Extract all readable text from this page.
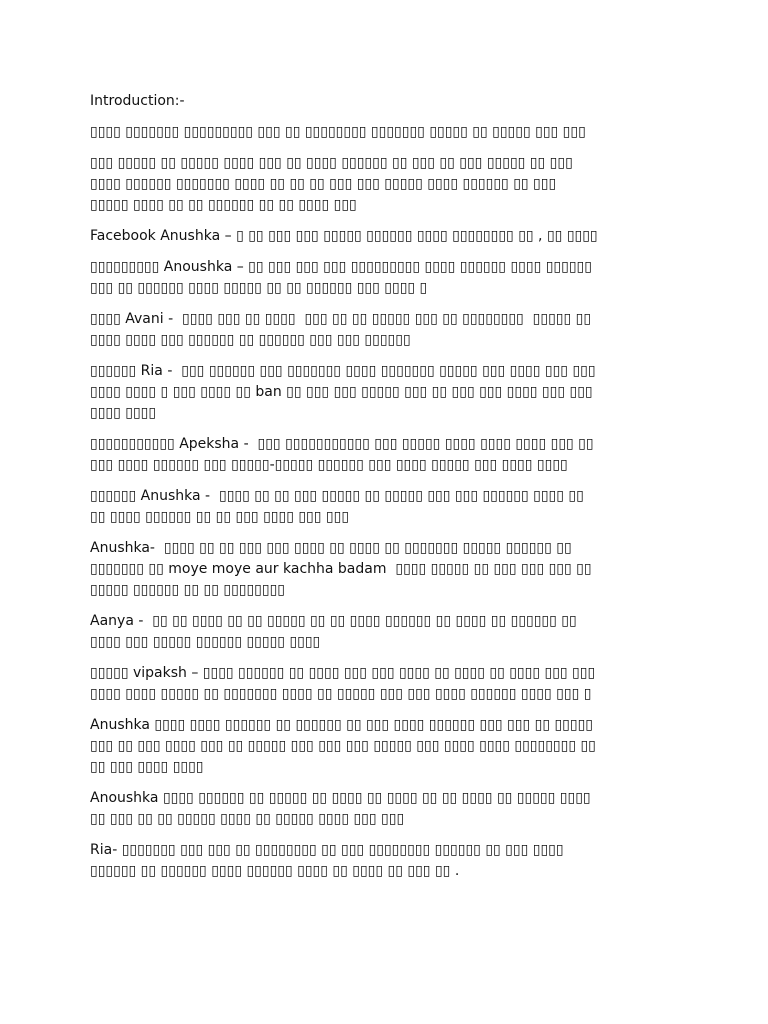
Introduction:-
▯▯▯▯ ▯▯▯▯▯▯▯ ▯▯▯▯▯▯▯▯▯ ▯▯▯ ▯▯ ▯▯▯▯▯▯▯▯ ▯▯▯▯▯▯▯ ▯▯▯▯▯ ▯▯ ▯▯▯▯▯ ▯▯▯ ▯▯▯
▯▯▯ ▯▯▯▯▯ ▯▯ ▯▯▯▯▯ ▯▯▯▯ ▯▯▯ ▯▯ ▯▯▯▯ ▯▯▯▯▯▯ ▯▯ ▯▯▯ ▯▯ ▯▯▯ ▯▯▯▯▯ ▯▯ ▯▯▯
▯▯▯▯ ▯▯▯▯▯▯ ▯▯▯▯▯▯▯ ▯▯▯▯ ▯▯ ▯▯ ▯▯ ▯▯▯ ▯▯▯ ▯▯▯▯▯ ▯▯▯▯ ▯▯▯▯▯▯ ▯▯ ▯▯▯
▯▯▯▯▯ ▯▯▯▯ ▯▯ ▯▯ ▯▯▯▯▯▯ ▯▯ ▯▯ ▯▯▯▯ ▯▯▯
Facebook Anushka – ▯ ▯▯ ▯▯▯ ▯▯▯ ▯▯▯▯▯ ▯▯▯▯▯▯ ▯▯▯▯ ▯▯▯▯▯▯▯▯ ▯▯ , ▯▯ ▯▯▯▯
▯▯▯▯▯▯▯▯▯ Anoushka – ▯▯ ▯▯▯ ▯▯▯ ▯▯▯ ▯▯▯▯▯▯▯▯▯ ▯▯▯▯ ▯▯▯▯▯▯ ▯▯▯▯ ▯▯▯▯▯▯
▯▯▯ ▯▯ ▯▯▯▯▯▯ ▯▯▯▯ ▯▯▯▯▯ ▯▯ ▯▯ ▯▯▯▯▯▯ ▯▯▯ ▯▯▯▯ ▯
▯▯▯▯ Avani -  ▯▯▯▯ ▯▯▯ ▯▯ ▯▯▯▯  ▯▯▯ ▯▯ ▯▯ ▯▯▯▯▯ ▯▯▯ ▯▯ ▯▯▯▯▯▯▯▯  ▯▯▯▯▯ ▯▯
▯▯▯▯ ▯▯▯▯ ▯▯▯ ▯▯▯▯▯▯ ▯▯ ▯▯▯▯▯▯ ▯▯▯ ▯▯▯ ▯▯▯▯▯▯
▯▯▯▯▯▯ Ria -  ▯▯▯ ▯▯▯▯▯▯ ▯▯▯ ▯▯▯▯▯▯▯ ▯▯▯▯ ▯▯▯▯▯▯▯ ▯▯▯▯▯ ▯▯▯ ▯▯▯▯ ▯▯▯ ▯▯▯
▯▯▯▯ ▯▯▯▯ ▯ ▯▯▯ ▯▯▯▯ ▯▯ ban ▯▯ ▯▯▯ ▯▯▯ ▯▯▯▯▯ ▯▯▯ ▯▯ ▯▯▯ ▯▯▯ ▯▯▯▯ ▯▯▯ ▯▯▯
▯▯▯▯ ▯▯▯▯
▯▯▯▯▯▯▯▯▯▯▯ Apeksha -  ▯▯▯ ▯▯▯▯▯▯▯▯▯▯▯ ▯▯▯ ▯▯▯▯▯ ▯▯▯▯ ▯▯▯▯ ▯▯▯▯ ▯▯▯ ▯▯
▯▯▯ ▯▯▯▯ ▯▯▯▯▯▯ ▯▯▯ ▯▯▯▯▯-▯▯▯▯▯ ▯▯▯▯▯▯ ▯▯▯ ▯▯▯▯ ▯▯▯▯▯ ▯▯▯ ▯▯▯▯ ▯▯▯▯
▯▯▯▯▯▯ Anushka -  ▯▯▯▯ ▯▯ ▯▯ ▯▯▯ ▯▯▯▯▯ ▯▯ ▯▯▯▯▯ ▯▯▯ ▯▯▯ ▯▯▯▯▯▯ ▯▯▯▯ ▯▯
▯▯ ▯▯▯▯ ▯▯▯▯▯▯ ▯▯ ▯▯ ▯▯▯ ▯▯▯▯ ▯▯▯ ▯▯▯
Anushka-  ▯▯▯▯ ▯▯ ▯▯ ▯▯▯ ▯▯▯ ▯▯▯▯ ▯▯ ▯▯▯▯ ▯▯ ▯▯▯▯▯▯▯ ▯▯▯▯▯ ▯▯▯▯▯▯ ▯▯
▯▯▯▯▯▯▯ ▯▯ moye moye aur kachha badam  ▯▯▯▯ ▯▯▯▯▯ ▯▯ ▯▯▯ ▯▯▯ ▯▯▯ ▯▯
▯▯▯▯▯ ▯▯▯▯▯▯ ▯▯ ▯▯ ▯▯▯▯▯▯▯▯
Aanya -  ▯▯ ▯▯ ▯▯▯▯ ▯▯ ▯▯ ▯▯▯▯▯ ▯▯ ▯▯ ▯▯▯▯ ▯▯▯▯▯▯ ▯▯ ▯▯▯▯ ▯▯ ▯▯▯▯▯▯ ▯▯
▯▯▯▯ ▯▯▯ ▯▯▯▯▯ ▯▯▯▯▯▯ ▯▯▯▯▯ ▯▯▯▯
▯▯▯▯▯ vipaksh – ▯▯▯▯ ▯▯▯▯▯▯ ▯▯ ▯▯▯▯ ▯▯▯ ▯▯▯ ▯▯▯▯ ▯▯ ▯▯▯▯ ▯▯ ▯▯▯▯ ▯▯▯ ▯▯▯
▯▯▯▯ ▯▯▯▯ ▯▯▯▯▯ ▯▯ ▯▯▯▯▯▯▯ ▯▯▯▯ ▯▯ ▯▯▯▯▯ ▯▯▯ ▯▯▯ ▯▯▯▯ ▯▯▯▯▯▯ ▯▯▯▯ ▯▯▯ ▯
Anushka ▯▯▯▯ ▯▯▯▯ ▯▯▯▯▯▯ ▯▯ ▯▯▯▯▯▯ ▯▯ ▯▯▯ ▯▯▯▯ ▯▯▯▯▯▯ ▯▯▯ ▯▯▯ ▯▯ ▯▯▯▯▯
▯▯▯ ▯▯ ▯▯▯ ▯▯▯▯ ▯▯▯ ▯▯ ▯▯▯▯▯ ▯▯▯ ▯▯▯ ▯▯▯ ▯▯▯▯▯ ▯▯▯ ▯▯▯▯ ▯▯▯▯ ▯▯▯▯▯▯▯▯ ▯▯
▯▯ ▯▯▯ ▯▯▯▯ ▯▯▯▯
Anoushka ▯▯▯▯ ▯▯▯▯▯▯ ▯▯ ▯▯▯▯▯ ▯▯ ▯▯▯▯ ▯▯ ▯▯▯▯ ▯▯ ▯▯ ▯▯▯▯ ▯▯ ▯▯▯▯▯ ▯▯▯▯
▯▯ ▯▯▯ ▯▯ ▯▯ ▯▯▯▯▯ ▯▯▯▯ ▯▯ ▯▯▯▯▯ ▯▯▯▯ ▯▯▯ ▯▯▯
Ria- ▯▯▯▯▯▯▯ ▯▯▯ ▯▯▯ ▯▯ ▯▯▯▯▯▯▯▯ ▯▯ ▯▯▯ ▯▯▯▯▯▯▯▯ ▯▯▯▯▯▯ ▯▯ ▯▯▯ ▯▯▯▯
▯▯▯▯▯▯ ▯▯ ▯▯▯▯▯▯ ▯▯▯▯ ▯▯▯▯▯▯ ▯▯▯▯ ▯▯ ▯▯▯▯ ▯▯ ▯▯▯ ▯▯ .
